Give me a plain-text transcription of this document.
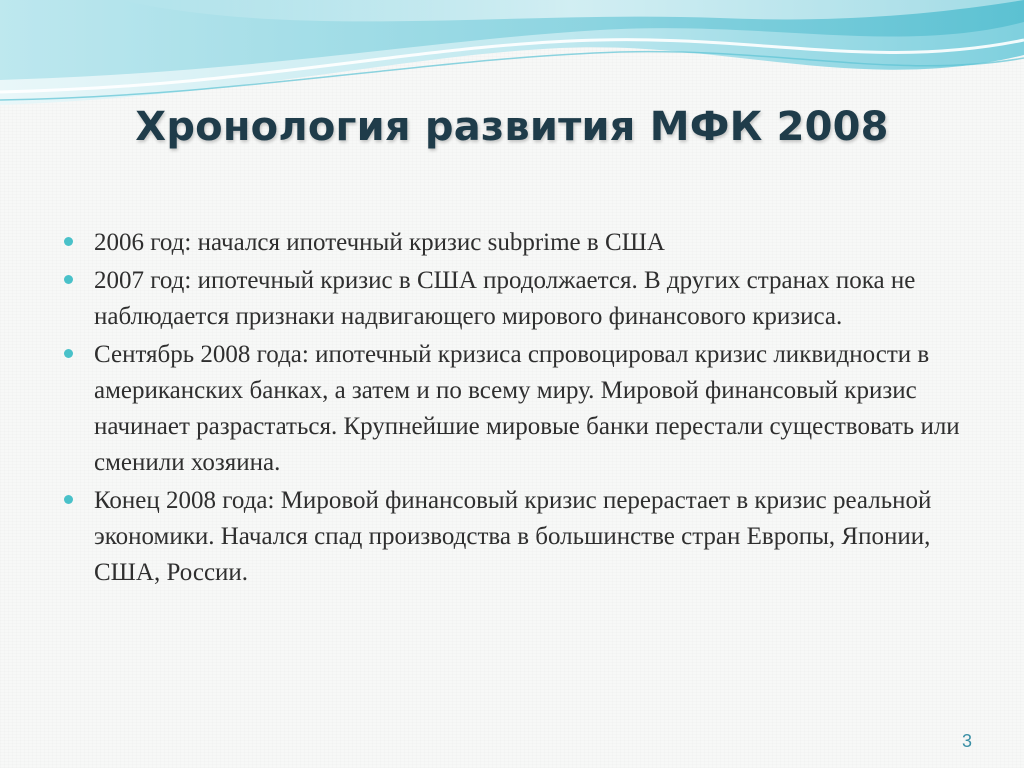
Хронология развития МФК 2008
2006 год: начался ипотечный кризис subprime в США
2007 год: ипотечный кризис в США продолжается. В других странах пока не наблюдается признаки надвигающего мирового финансового кризиса.
Сентябрь 2008 года: ипотечный кризиса спровоцировал кризис ликвидности в американских банках, а затем и по всему миру. Мировой финансовый кризис начинает разрастаться. Крупнейшие мировые банки перестали существовать или сменили хозяина.
Конец 2008 года: Мировой финансовый кризис перерастает в кризис реальной экономики. Начался спад производства в большинстве стран Европы, Японии, США, России.
3
